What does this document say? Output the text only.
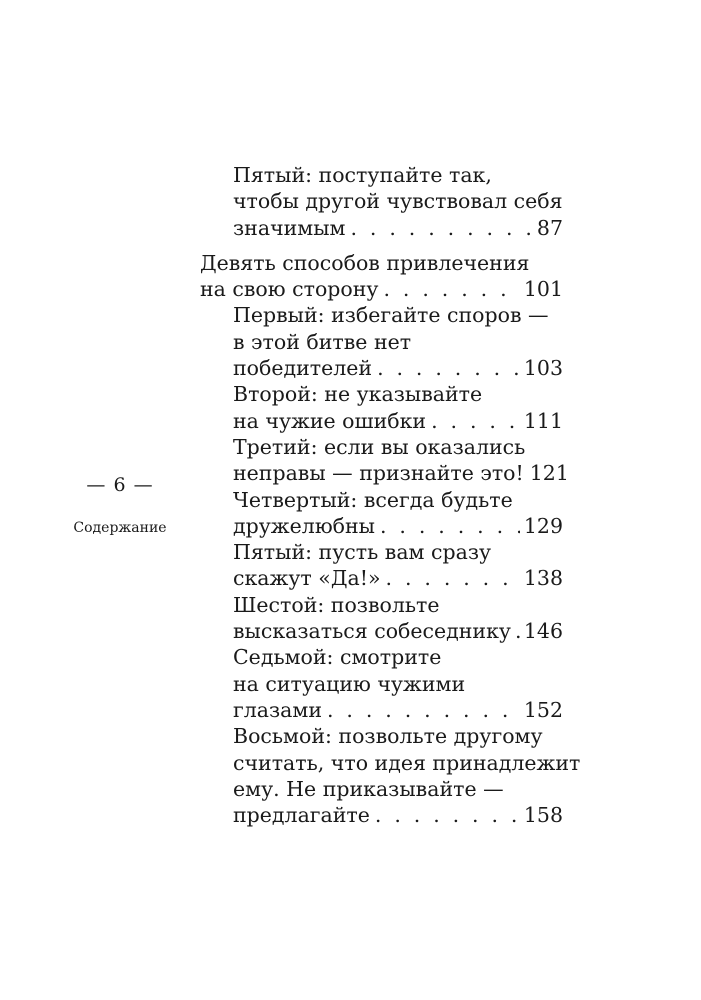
— 6 —
Содержание
Пятый: поступайте так,
чтобы другой чувствовал себя
значимым . . .	87
Девять способов привлечения
на свою сторону . . .	101
Первый: избегайте споров —
в этой битве нет
победителей . . .	103
Второй: не указывайте
на чужие ошибки . . .	111
Третий: если вы оказались
неправы — признайте это! 121
Четвертый: всегда будьте
дружелюбны . . .	129
Пятый: пусть вам сразу
скажут «Да!» . . .	138
Шестой: позвольте
высказаться собеседнику . . . 146
Седьмой: смотрите
на ситуацию чужими
глазами . . .	152
Восьмой: позвольте другому
считать, что идея принадлежит
ему. Не приказывайте —
предлагайте . . .	158
